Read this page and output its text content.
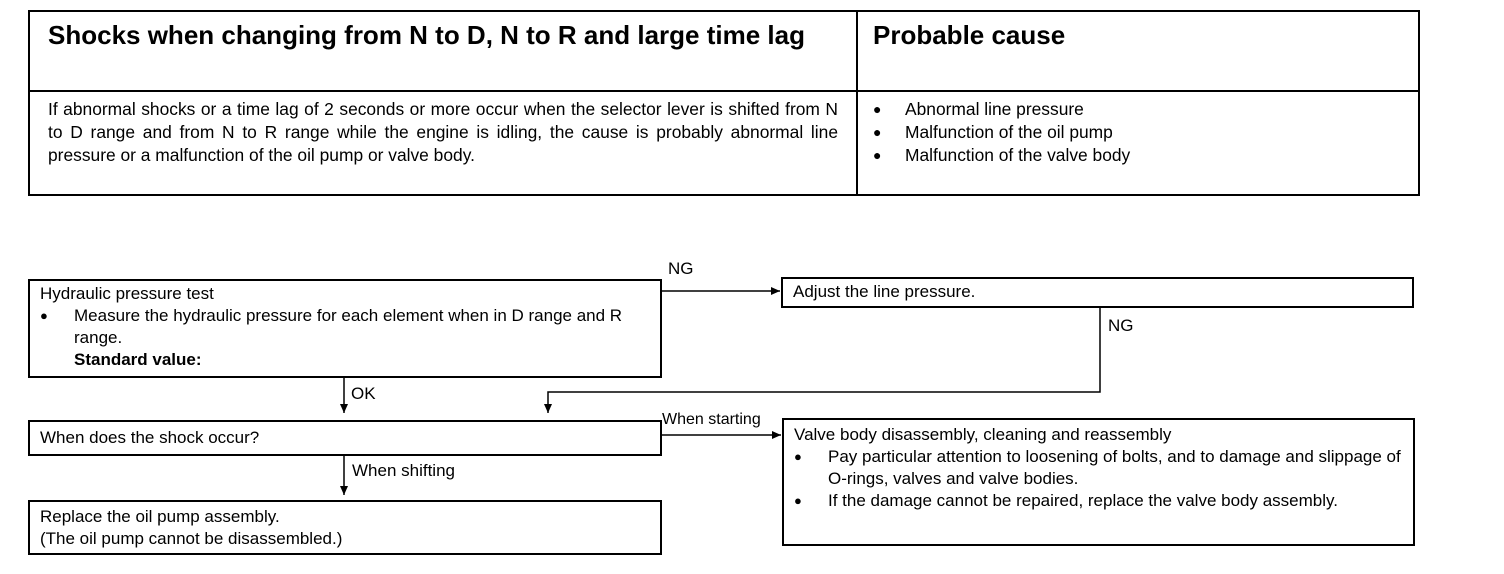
Shocks when changing from N to D, N to R and large time lag	Probable cause
If abnormal shocks or a time lag of 2 seconds or more occur when the selector lever is shifted from N to D range and from N to R range while the engine is idling, the cause is probably abnormal line pressure or a malfunction of the oil pump or valve body.
● Abnormal line pressure
● Malfunction of the oil pump
● Malfunction of the valve body
Hydraulic pressure test
● Measure the hydraulic pressure for each element when in D range and R range.
Standard value:
Adjust the line pressure.
When does the shock occur?
Replace the oil pump assembly.
(The oil pump cannot be disassembled.)
Valve body disassembly, cleaning and reassembly
● Pay particular attention to loosening of bolts, and to damage and slippage of O-rings, valves and valve bodies.
● If the damage cannot be repaired, replace the valve body assembly.
NG
NG
OK
When starting
When shifting
